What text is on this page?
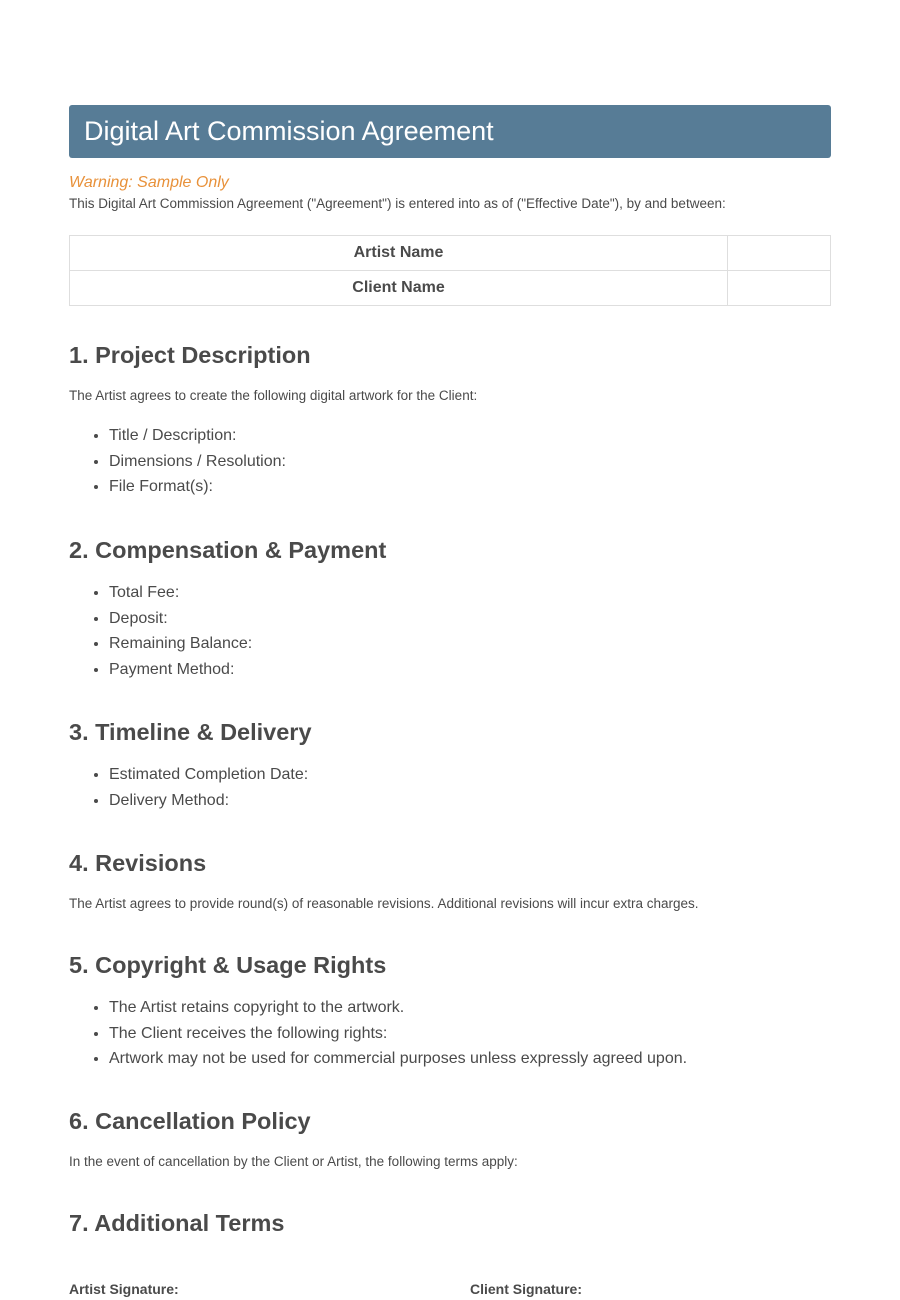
Digital Art Commission Agreement
Warning: Sample Only
This Digital Art Commission Agreement ("Agreement") is entered into as of ("Effective Date"), by and between:
Artist Name	
Client Name	
1. Project Description

The Artist agrees to create the following digital artwork for the Client:

• Title / Description:
• Dimensions / Resolution:
• File Format(s):
2. Compensation & Payment
• Total Fee:
• Deposit:
• Remaining Balance:
• Payment Method:
3. Timeline & Delivery
• Estimated Completion Date:
• Delivery Method:
4. Revisions

The Artist agrees to provide round(s) of reasonable revisions. Additional revisions will incur extra charges.

5. Copyright & Usage Rights
• The Artist retains copyright to the artwork.
• The Client receives the following rights:
• Artwork may not be used for commercial purposes unless expressly agreed upon.
6. Cancellation Policy

In the event of cancellation by the Client or Artist, the following terms apply:

7. Additional Terms
Artist Signature:	Client Signature:
